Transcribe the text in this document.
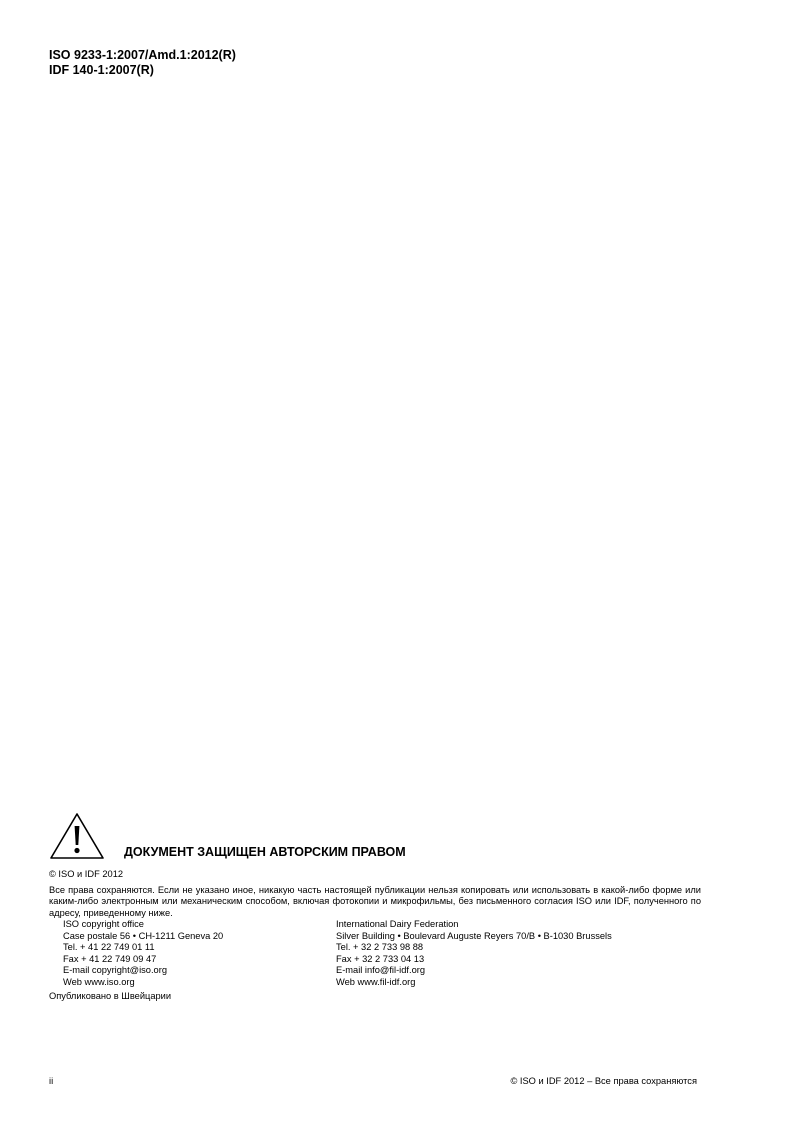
ISO 9233-1:2007/Amd.1:2012(R)
IDF 140-1:2007(R)
ДОКУМЕНТ ЗАЩИЩЕН АВТОРСКИМ ПРАВОМ
© ISO и IDF 2012
Все права сохраняются. Если не указано иное, никакую часть настоящей публикации нельзя копировать или использовать в какой-либо форме или каким-либо электронным или механическим способом, включая фотокопии и микрофильмы, без письменного согласия ISO или IDF, полученного по адресу, приведенному ниже.
ISO copyright office
Case postale 56 • CH-1211 Geneva 20
Tel. + 41 22 749 01 11
Fax + 41 22 749 09 47
E-mail copyright@iso.org
Web www.iso.org
International Dairy Federation
Silver Building • Boulevard Auguste Reyers 70/B • B-1030 Brussels
Tel. + 32 2 733 98 88
Fax + 32 2 733 04 13
E-mail info@fil-idf.org
Web www.fil-idf.org
Опубликовано в Швейцарии
ii	© ISO и IDF 2012 – Все права сохраняются
